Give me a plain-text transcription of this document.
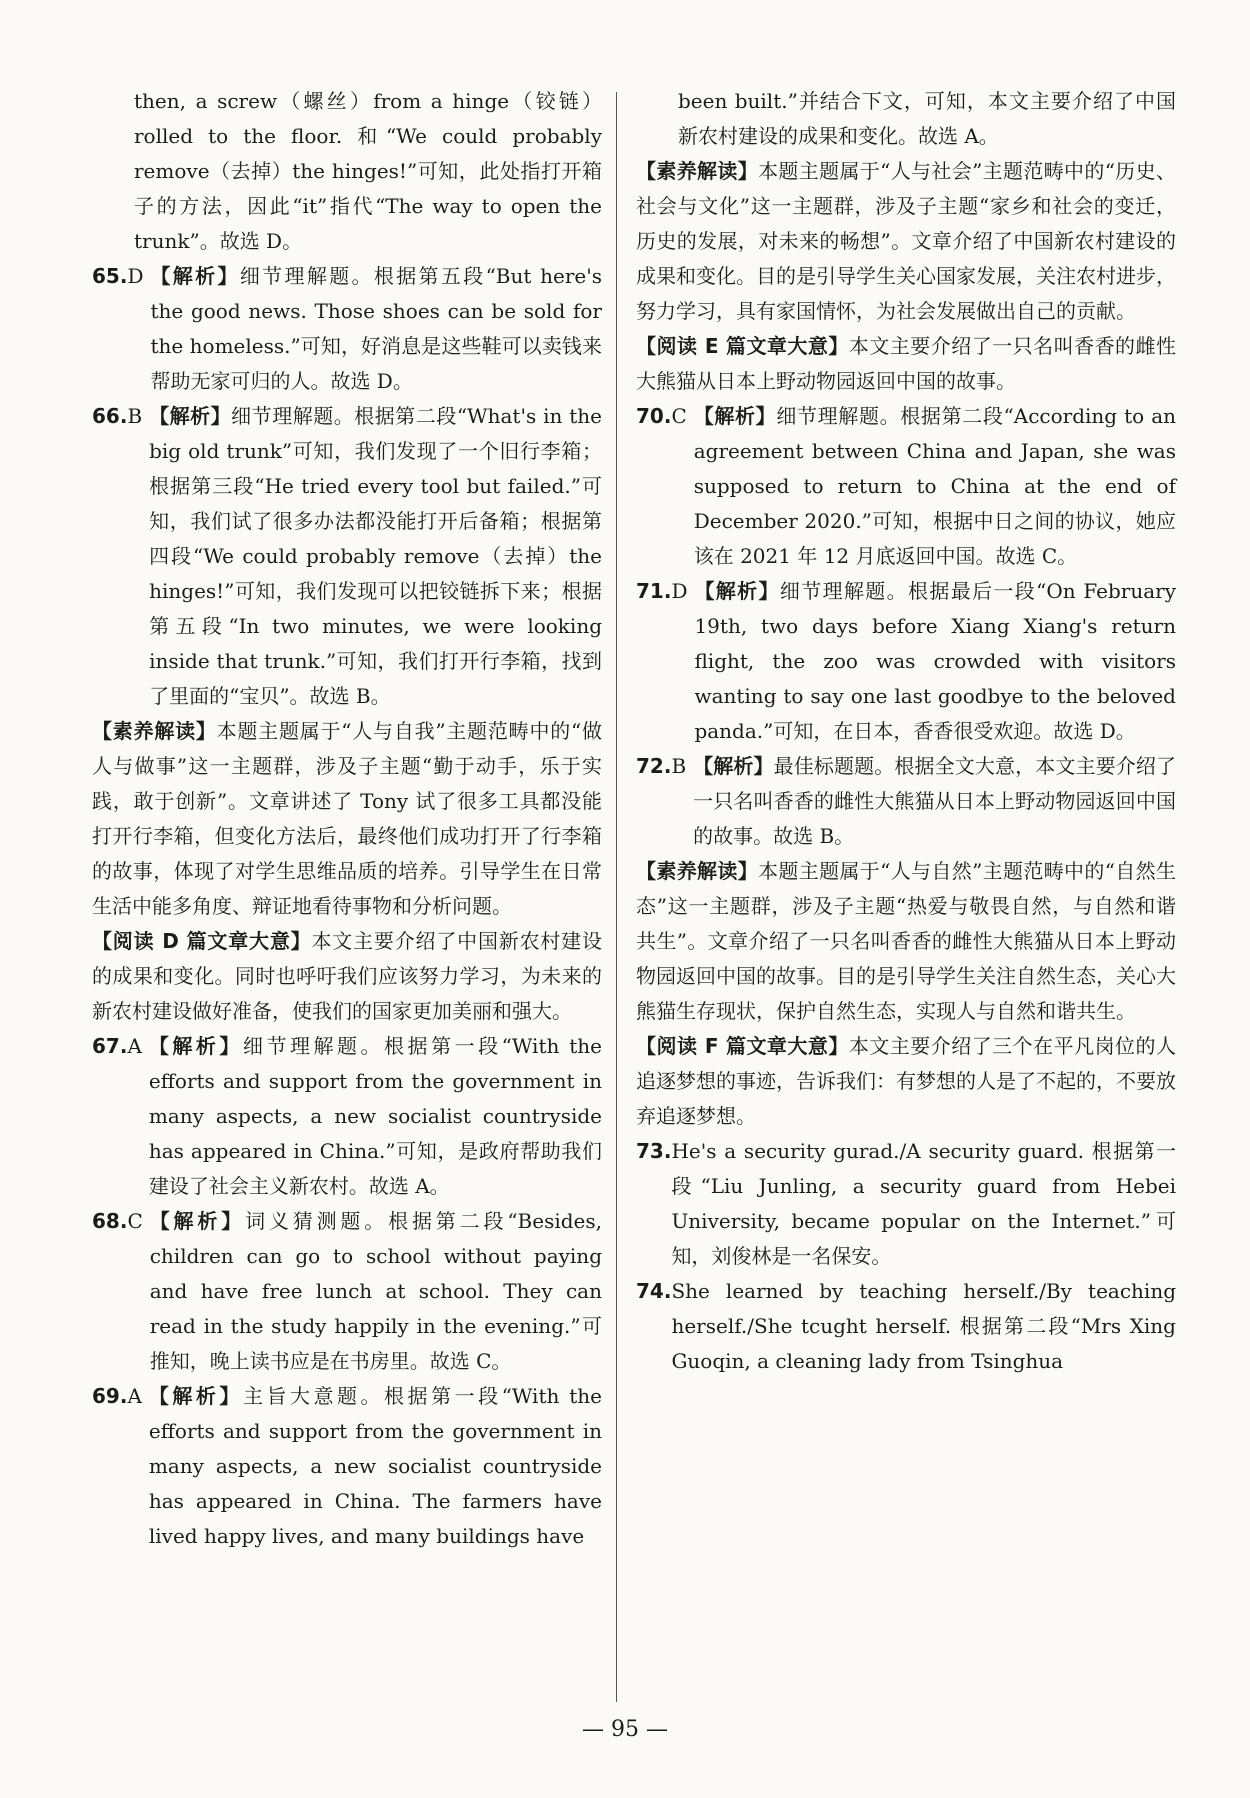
then, a screw（螺丝）from a hinge（铰链）rolled to the floor. 和“We could probably remove（去掉）the hinges!”可知，此处指打开箱子的方法，因此“it”指代“The way to open the trunk”。故选 D。

65.D 【解析】细节理解题。根据第五段“But here's the good news. Those shoes can be sold for the homeless.”可知，好消息是这些鞋可以卖钱来帮助无家可归的人。故选 D。
66.B 【解析】细节理解题。根据第二段“What's in the big old trunk”可知，我们发现了一个旧行李箱；根据第三段“He tried every tool but failed.”可知，我们试了很多办法都没能打开后备箱；根据第四段“We could probably remove（去掉）the hinges!”可知，我们发现可以把铰链拆下来；根据第五段“In two minutes, we were looking inside that trunk.”可知，我们打开行李箱，找到了里面的“宝贝”。故选 B。

【素养解读】本题主题属于“人与自我”主题范畴中的“做人与做事”这一主题群，涉及子主题“勤于动手，乐于实践，敢于创新”。文章讲述了 Tony 试了很多工具都没能打开行李箱，但变化方法后，最终他们成功打开了行李箱的故事，体现了对学生思维品质的培养。引导学生在日常生活中能多角度、辩证地看待事物和分析问题。

【阅读 D 篇文章大意】本文主要介绍了中国新农村建设的成果和变化。同时也呼吁我们应该努力学习，为未来的新农村建设做好准备，使我们的国家更加美丽和强大。

67.A 【解析】细节理解题。根据第一段“With the efforts and support from the government in many aspects, a new socialist countryside has appeared in China.”可知，是政府帮助我们建设了社会主义新农村。故选 A。
68.C 【解析】词义猜测题。根据第二段“Besides, children can go to school without paying and have free lunch at school. They can read in the study happily in the evening.”可推知，晚上读书应是在书房里。故选 C。
69.A 【解析】主旨大意题。根据第一段“With the efforts and support from the government in many aspects, a new socialist countryside has appeared in China. The farmers have lived happy lives, and many buildings have

been built.”并结合下文，可知，本文主要介绍了中国新农村建设的成果和变化。故选 A。

【素养解读】本题主题属于“人与社会”主题范畴中的“历史、社会与文化”这一主题群，涉及子主题“家乡和社会的变迁，历史的发展，对未来的畅想”。文章介绍了中国新农村建设的成果和变化。目的是引导学生关心国家发展，关注农村进步，努力学习，具有家国情怀，为社会发展做出自己的贡献。

【阅读 E 篇文章大意】本文主要介绍了一只名叫香香的雌性大熊猫从日本上野动物园返回中国的故事。

70.C 【解析】细节理解题。根据第二段“According to an agreement between China and Japan, she was supposed to return to China at the end of December 2020.”可知，根据中日之间的协议，她应该在 2021 年 12 月底返回中国。故选 C。
71.D 【解析】细节理解题。根据最后一段“On February 19th, two days before Xiang Xiang's return flight, the zoo was crowded with visitors wanting to say one last goodbye to the beloved panda.”可知，在日本，香香很受欢迎。故选 D。
72.B 【解析】最佳标题题。根据全文大意，本文主要介绍了一只名叫香香的雌性大熊猫从日本上野动物园返回中国的故事。故选 B。

【素养解读】本题主题属于“人与自然”主题范畴中的“自然生态”这一主题群，涉及子主题“热爱与敬畏自然，与自然和谐共生”。文章介绍了一只名叫香香的雌性大熊猫从日本上野动物园返回中国的故事。目的是引导学生关注自然生态，关心大熊猫生存现状，保护自然生态，实现人与自然和谐共生。

【阅读 F 篇文章大意】本文主要介绍了三个在平凡岗位的人追逐梦想的事迹，告诉我们：有梦想的人是了不起的，不要放弃追逐梦想。

73. He's a security gurad./A security guard. 根据第一段“Liu Junling, a security guard from Hebei University, became popular on the Internet.”可知，刘俊林是一名保安。
74. She learned by teaching herself./By teaching herself./She tcught herself. 根据第二段“Mrs Xing Guoqin, a cleaning lady from Tsinghua
— 95 —
